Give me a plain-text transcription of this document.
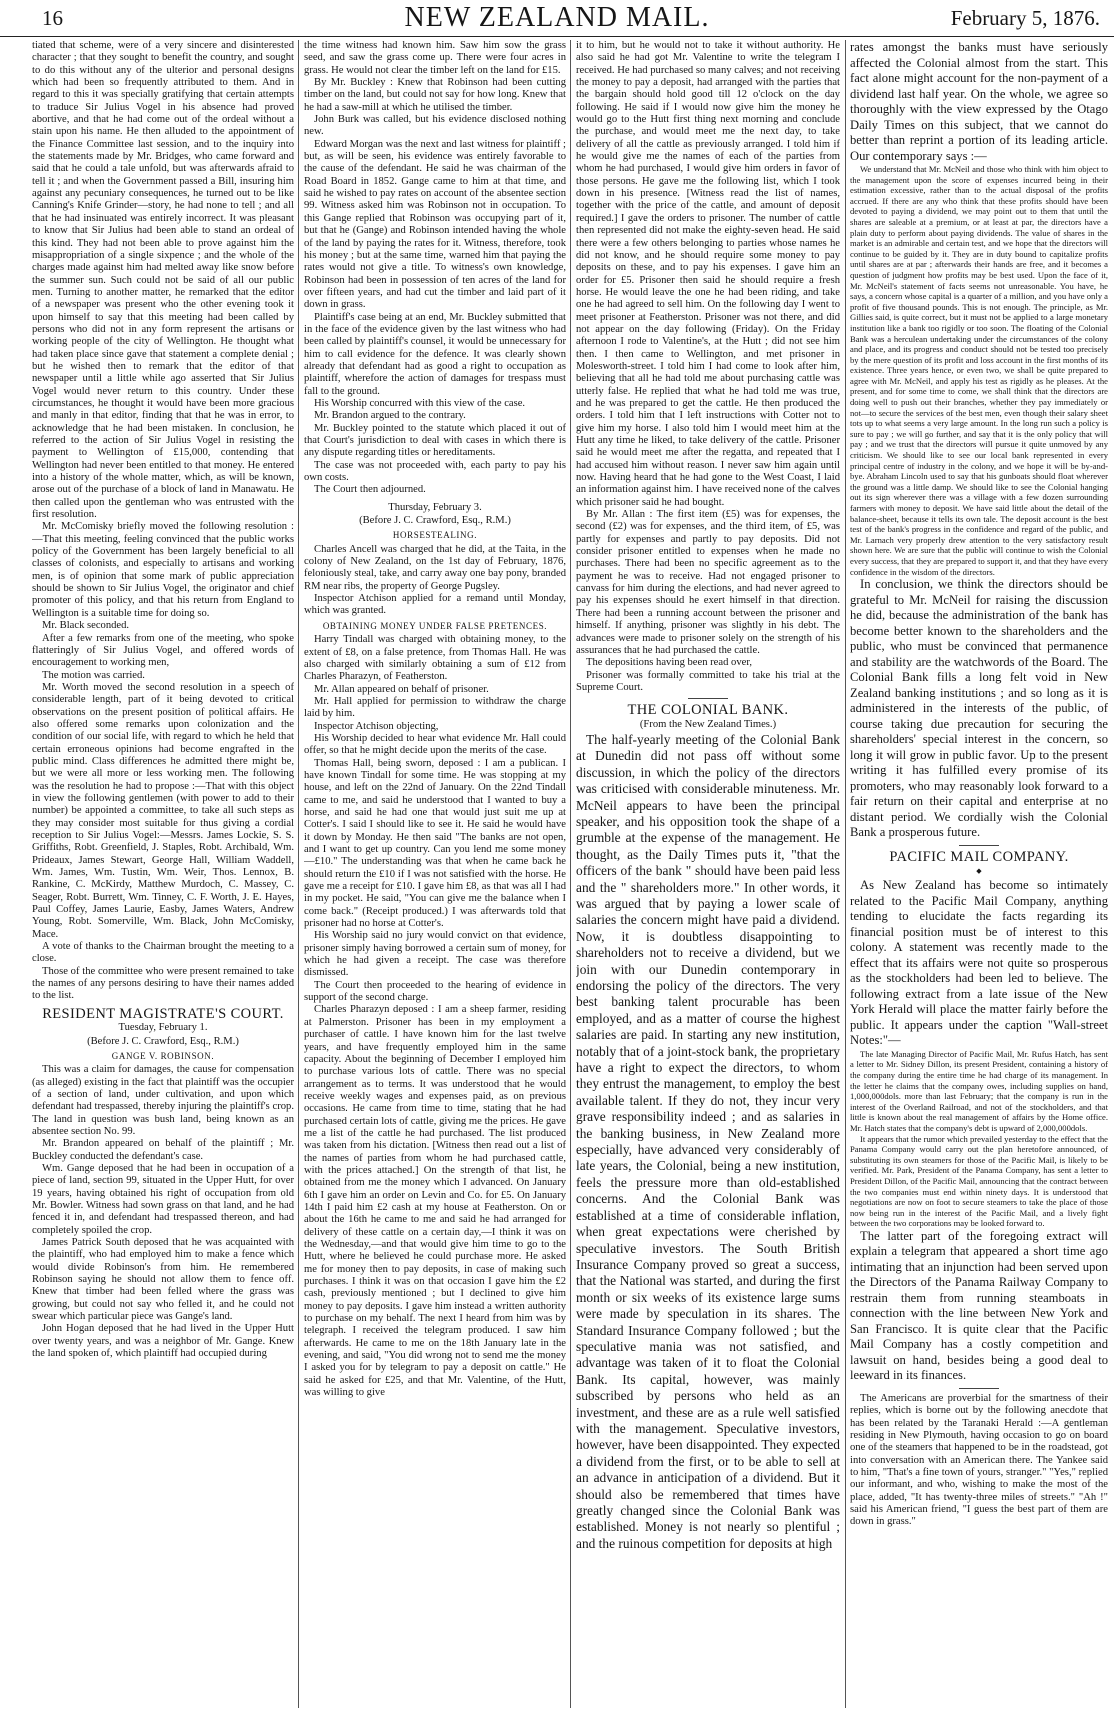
16	NEW ZEALAND MAIL.	February 5, 1876.

tiated that scheme, were of a very sincere and disinterested character ; that they sought to benefit the country, and sought to do this without any of the ulterior and personal designs which had been so frequently attributed to them. And in regard to this it was specially gratifying that certain attempts to traduce Sir Julius Vogel in his absence had proved abortive, and that he had come out of the ordeal without a stain upon his name. He then alluded to the appointment of the Finance Committee last session, and to the inquiry into the statements made by Mr. Bridges, who came forward and said that he could a tale unfold, but was afterwards afraid to tell it ; and when the Government passed a Bill, insuring him against any pecuniary consequences, he turned out to be like Canning's Knife Grinder—story, he had none to tell ; and all that he had insinuated was entirely incorrect. It was pleasant to know that Sir Julius had been able to stand an ordeal of this kind. They had not been able to prove against him the misappropriation of a single sixpence ; and the whole of the charges made against him had melted away like snow before the summer sun. Such could not be said of all our public men. Turning to another matter, he remarked that the editor of a newspaper was present who the other evening took it upon himself to say that this meeting had been called by persons who did not in any form represent the artisans or working people of the city of Wellington. He thought what had taken place since gave that statement a complete denial ; but he wished then to remark that the editor of that newspaper until a little while ago asserted that Sir Julius Vogel would never return to this country. Under these circumstances, he thought it would have been more gracious and manly in that editor, finding that that he was in error, to acknowledge that he had been mistaken. In conclusion, he referred to the action of Sir Julius Vogel in resisting the payment to Wellington of £15,000, contending that Wellington had never been entitled to that money. He entered into a history of the whole matter, which, as will be known, arose out of the purchase of a block of land in Manawatu. He then called upon the gentleman who was entrusted with the first resolution.

Mr. McComisky briefly moved the following resolution :—That this meeting, feeling convinced that the public works policy of the Government has been largely beneficial to all classes of colonists, and especially to artisans and working men, is of opinion that some mark of public appreciation should be shown to Sir Julius Vogel, the originator and chief promoter of this policy, and that his return from England to Wellington is a suitable time for doing so.

Mr. Black seconded.

After a few remarks from one of the meeting, who spoke flatteringly of Sir Julius Vogel, and offered words of encouragement to working men,

The motion was carried.

Mr. Worth moved the second resolution in a speech of considerable length, part of it being devoted to critical observations on the present position of political affairs. He also offered some remarks upon colonization and the condition of our social life, with regard to which he held that certain erroneous opinions had become engrafted in the public mind. Class differences he admitted there might be, but we were all more or less working men. The following was the resolution he had to propose :—That with this object in view the following gentlemen (with power to add to their number) be appointed a committee, to take all such steps as they may consider most suitable for thus giving a cordial reception to Sir Julius Vogel:—Messrs. James Lockie, S. S. Griffiths, Robt. Greenfield, J. Staples, Robt. Archibald, Wm. Prideaux, James Stewart, George Hall, William Waddell, Wm. James, Wm. Tustin, Wm. Weir, Thos. Lennox, B. Rankine, C. McKirdy, Matthew Murdoch, C. Massey, C. Seager, Robt. Burrett, Wm. Tinney, C. F. Worth, J. E. Hayes, Paul Coffey, James Laurie, Easby, James Waters, Andrew Young, Robt. Somerville, Wm. Black, John McComisky, Mace.

A vote of thanks to the Chairman brought the meeting to a close.

Those of the committee who were present remained to take the names of any persons desiring to have their names added to the list.

RESIDENT MAGISTRATE'S COURT.

Tuesday, February 1.

(Before J. C. Crawford, Esq., R.M.)

GANGE V. ROBINSON.

This was a claim for damages, the cause for compensation (as alleged) existing in the fact that plaintiff was the occupier of a section of land, under cultivation, and upon which defendant had trespassed, thereby injuring the plaintiff's crop. The land in question was bush land, being known as an absentee section No. 99.

Mr. Brandon appeared on behalf of the plaintiff ; Mr. Buckley conducted the defendant's case.

Wm. Gange deposed that he had been in occupation of a piece of land, section 99, situated in the Upper Hutt, for over 19 years, having obtained his right of occupation from old Mr. Bowler. Witness had sown grass on that land, and he had fenced it in, and defendant had trespassed thereon, and had completely spoiled the crop.

James Patrick South deposed that he was acquainted with the plaintiff, who had employed him to make a fence which would divide Robinson's from him. He remembered Robinson saying he should not allow them to fence off. Knew that timber had been felled where the grass was growing, but could not say who felled it, and he could not swear which particular piece was Gange's land.

John Hogan deposed that he had lived in the Upper Hutt over twenty years, and was a neighbor of Mr. Gange. Knew the land spoken of, which plaintiff had occupied during

the time witness had known him. Saw him sow the grass seed, and saw the grass come up. There were four acres in grass. He would not clear the timber left on the land for £15.

By Mr. Buckley : Knew that Robinson had been cutting timber on the land, but could not say for how long. Knew that he had a saw-mill at which he utilised the timber.

John Burk was called, but his evidence disclosed nothing new.

Edward Morgan was the next and last witness for plaintiff ; but, as will be seen, his evidence was entirely favorable to the cause of the defendant. He said he was chairman of the Road Board in 1852. Gange came to him at that time, and said he wished to pay rates on account of the absentee section 99. Witness asked him was Robinson not in occupation. To this Gange replied that Robinson was occupying part of it, but that he (Gange) and Robinson intended having the whole of the land by paying the rates for it. Witness, therefore, took his money ; but at the same time, warned him that paying the rates would not give a title. To witness's own knowledge, Robinson had been in possession of ten acres of the land for over fifteen years, and had cut the timber and laid part of it down in grass.

Plaintiff's case being at an end, Mr. Buckley submitted that in the face of the evidence given by the last witness who had been called by plaintiff's counsel, it would be unnecessary for him to call evidence for the defence. It was clearly shown already that defendant had as good a right to occupation as plaintiff, wherefore the action of damages for trespass must fall to the ground.

His Worship concurred with this view of the case.

Mr. Brandon argued to the contrary.

Mr. Buckley pointed to the statute which placed it out of that Court's jurisdiction to deal with cases in which there is any dispute regarding titles or hereditaments.

The case was not proceeded with, each party to pay his own costs.

The Court then adjourned.

Thursday, February 3.

(Before J. C. Crawford, Esq., R.M.)

HORSESTEALING.

Charles Ancell was charged that he did, at the Taita, in the colony of New Zealand, on the 1st day of February, 1876, feloniously steal, take, and carry away one bay pony, branded RM near ribs, the property of George Pugsley.

Inspector Atchison applied for a remand until Monday, which was granted.

OBTAINING MONEY UNDER FALSE PRETENCES.

Harry Tindall was charged with obtaining money, to the extent of £8, on a false pretence, from Thomas Hall. He was also charged with similarly obtaining a sum of £12 from Charles Pharazyn, of Featherston.

Mr. Allan appeared on behalf of prisoner.

Mr. Hall applied for permission to withdraw the charge laid by him.

Inspector Atchison objecting,

His Worship decided to hear what evidence Mr. Hall could offer, so that he might decide upon the merits of the case.

Thomas Hall, being sworn, deposed : I am a publican. I have known Tindall for some time. He was stopping at my house, and left on the 22nd of January. On the 22nd Tindall came to me, and said he understood that I wanted to buy a horse, and said he had one that would just suit me up at Cotter's. I said I should like to see it. He said he would have it down by Monday. He then said "The banks are not open, and I want to get up country. Can you lend me some money—£10." The understanding was that when he came back he should return the £10 if I was not satisfied with the horse. He gave me a receipt for £10. I gave him £8, as that was all I had in my pocket. He said, "You can give me the balance when I come back." (Receipt produced.) I was afterwards told that prisoner had no horse at Cotter's.

His Worship said no jury would convict on that evidence, prisoner simply having borrowed a certain sum of money, for which he had given a receipt. The case was therefore dismissed.

The Court then proceeded to the hearing of evidence in support of the second charge.

Charles Pharazyn deposed : I am a sheep farmer, residing at Palmerston. Prisoner has been in my employment a purchaser of cattle. I have known him for the last twelve years, and have frequently employed him in the same capacity. About the beginning of December I employed him to purchase various lots of cattle. There was no special arrangement as to terms. It was understood that he would receive weekly wages and expenses paid, as on previous occasions. He came from time to time, stating that he had purchased certain lots of cattle, giving me the prices. He gave me a list of the cattle he had purchased. The list produced was taken from his dictation. [Witness then read out a list of the names of parties from whom he had purchased cattle, with the prices attached.] On the strength of that list, he obtained from me the money which I advanced. On January 6th I gave him an order on Levin and Co. for £5. On January 14th I paid him £2 cash at my house at Featherston. On or about the 16th he came to me and said he had arranged for delivery of these cattle on a certain day,—I think it was on the Wednesday,—and that would give him time to go to the Hutt, where he believed he could purchase more. He asked me for money then to pay deposits, in case of making such purchases. I think it was on that occasion I gave him the £2 cash, previously mentioned ; but I declined to give him money to pay deposits. I gave him instead a written authority to purchase on my behalf. The next I heard from him was by telegraph. I received the telegram produced. I saw him afterwards. He came to me on the 18th January late in the evening, and said, "You did wrong not to send me the money I asked you for by telegram to pay a deposit on cattle." He said he asked for £25, and that Mr. Valentine, of the Hutt, was willing to give

it to him, but he would not to take it without authority. He also said he had got Mr. Valentine to write the telegram I received. He had purchased so many calves; and not receiving the money to pay a deposit, had arranged with the parties that the bargain should hold good till 12 o'clock on the day following. He said if I would now give him the money he would go to the Hutt first thing next morning and conclude the purchase, and would meet me the next day, to take delivery of all the cattle as previously arranged. I told him if he would give me the names of each of the parties from whom he had purchased, I would give him orders in favor of those persons. He gave me the following list, which I took down in his presence. [Witness read the list of names, together with the price of the cattle, and amount of deposit required.] I gave the orders to prisoner. The number of cattle then represented did not make the eighty-seven head. He said there were a few others belonging to parties whose names he did not know, and he should require some money to pay deposits on these, and to pay his expenses. I gave him an order for £5. Prisoner then said he should require a fresh horse. He would leave the one he had been riding, and take one he had agreed to sell him. On the following day I went to meet prisoner at Featherston. Prisoner was not there, and did not appear on the day following (Friday). On the Friday afternoon I rode to Valentine's, at the Hutt ; did not see him then. I then came to Wellington, and met prisoner in Molesworth-street. I told him I had come to look after him, believing that all he had told me about purchasing cattle was utterly false. He replied that what he had told me was true, and he was prepared to get the cattle. He then produced the orders. I told him that I left instructions with Cotter not to give him my horse. I also told him I would meet him at the Hutt any time he liked, to take delivery of the cattle. Prisoner said he would meet me after the regatta, and repeated that I had accused him without reason. I never saw him again until now. Having heard that he had gone to the West Coast, I laid an information against him. I have received none of the calves which prisoner said he had bought.

By Mr. Allan : The first item (£5) was for expenses, the second (£2) was for expenses, and the third item, of £5, was partly for expenses and partly to pay deposits. Did not consider prisoner entitled to expenses when he made no purchases. There had been no specific agreement as to the payment he was to receive. Had not engaged prisoner to canvass for him during the elections, and had never agreed to pay his expenses should he exert himself in that direction. There had been a running account between the prisoner and himself. If anything, prisoner was slightly in his debt. The advances were made to prisoner solely on the strength of his assurances that he had purchased the cattle.

The depositions having been read over,

Prisoner was formally committed to take his trial at the Supreme Court.

THE COLONIAL BANK.

(From the New Zealand Times.)

The half-yearly meeting of the Colonial Bank at Dunedin did not pass off without some discussion, in which the policy of the directors was criticised with considerable minuteness. Mr. McNeil appears to have been the principal speaker, and his opposition took the shape of a grumble at the expense of the management. He thought, as the Daily Times puts it, "that the officers of the bank " should have been paid less and the " shareholders more." In other words, it was argued that by paying a lower scale of salaries the concern might have paid a dividend. Now, it is doubtless disappointing to shareholders not to receive a dividend, but we join with our Dunedin contemporary in endorsing the policy of the directors. The very best banking talent procurable has been employed, and as a matter of course the highest salaries are paid. In starting any new institution, notably that of a joint-stock bank, the proprietary have a right to expect the directors, to whom they entrust the management, to employ the best available talent. If they do not, they incur very grave responsibility indeed ; and as salaries in the banking business, in New Zealand more especially, have advanced very considerably of late years, the Colonial, being a new institution, feels the pressure more than old-established concerns. And the Colonial Bank was established at a time of considerable inflation, when great expectations were cherished by speculative investors. The South British Insurance Company proved so great a success, that the National was started, and during the first month or six weeks of its existence large sums were made by speculation in its shares. The Standard Insurance Company followed ; but the speculative mania was not satisfied, and advantage was taken of it to float the Colonial Bank. Its capital, however, was mainly subscribed by persons who held as an investment, and these are as a rule well satisfied with the management. Speculative investors, however, have been disappointed. They expected a dividend from the first, or to be able to sell at an advance in anticipation of a dividend. But it should also be remembered that times have greatly changed since the Colonial Bank was established. Money is not nearly so plentiful ; and the ruinous competition for deposits at high

rates amongst the banks must have seriously affected the Colonial almost from the start. This fact alone might account for the non-payment of a dividend last half year. On the whole, we agree so thoroughly with the view expressed by the Otago Daily Times on this subject, that we cannot do better than reprint a portion of its leading article. Our contemporary says :—

We understand that Mr. McNeil and those who think with him object to the management upon the score of expenses incurred being in their estimation excessive, rather than to the actual disposal of the profits accrued. If there are any who think that these profits should have been devoted to paying a dividend, we may point out to them that until the shares are saleable at a premium, or at least at par, the directors have a plain duty to perform about paying dividends. The value of shares in the market is an admirable and certain test, and we hope that the directors will continue to be guided by it. They are in duty bound to capitalize profits until shares are at par ; afterwards their hands are free, and it becomes a question of judgment how profits may be best used. Upon the face of it, Mr. McNeil's statement of facts seems not unreasonable. You have, he says, a concern whose capital is a quarter of a million, and you have only a profit of five thousand pounds. This is not enough. The principle, as Mr. Gillies said, is quite correct, but it must not be applied to a large monetary institution like a bank too rigidly or too soon. The floating of the Colonial Bank was a herculean undertaking under the circumstances of the colony and place, and its progress and conduct should not be tested too precisely by the mere question of its profit and loss account in the first months of its existence. Three years hence, or even two, we shall be quite prepared to agree with Mr. McNeil, and apply his test as rigidly as he pleases. At the present, and for some time to come, we shall think that the directors are doing well to push out their branches, whether they pay immediately or not—to secure the services of the best men, even though their salary sheet tots up to what seems a very large amount. In the long run such a policy is sure to pay ; we will go further, and say that it is the only policy that will pay ; and we trust that the directors will pursue it quite unmoved by any criticism. We should like to see our local bank represented in every principal centre of industry in the colony, and we hope it will be by-and-bye. Abraham Lincoln used to say that his gunboats should float wherever the ground was a little damp. We should like to see the Colonial hanging out its sign wherever there was a village with a few dozen surrounding farmers with money to deposit. We have said little about the detail of the balance-sheet, because it tells its own tale. The deposit account is the best test of the bank's progress in the confidence and regard of the public, and Mr. Larnach very properly drew attention to the very satisfactory result shown here. We are sure that the public will continue to wish the Colonial every success, that they are prepared to support it, and that they have every confidence in the wisdom of the directors.

In conclusion, we think the directors should be grateful to Mr. McNeil for raising the discussion he did, because the administration of the bank has become better known to the shareholders and the public, who must be convinced that permanence and stability are the watchwords of the Board. The Colonial Bank fills a long felt void in New Zealand banking institutions ; and so long as it is administered in the interests of the public, of course taking due precaution for securing the shareholders' special interest in the concern, so long it will grow in public favor. Up to the present writing it has fulfilled every promise of its promoters, who may reasonably look forward to a fair return on their capital and enterprise at no distant period. We cordially wish the Colonial Bank a prosperous future.

PACIFIC MAIL COMPANY.
◆

As New Zealand has become so intimately related to the Pacific Mail Company, anything tending to elucidate the facts regarding its financial position must be of interest to this colony. A statement was recently made to the effect that its affairs were not quite so prosperous as the stockholders had been led to believe. The following extract from a late issue of the New York Herald will place the matter fairly before the public. It appears under the caption "Wall-street Notes:"—

The late Managing Director of Pacific Mail, Mr. Rufus Hatch, has sent a letter to Mr. Sidney Dillon, its present President, containing a history of the company during the entire time he had charge of its management. In the letter he claims that the company owes, including supplies on hand, 1,000,000dols. more than last February; that the company is run in the interest of the Overland Railroad, and not of the stockholders, and that little is known about the real management of affairs by the Home office. Mr. Hatch states that the company's debt is upward of 2,000,000dols.

It appears that the rumor which prevailed yesterday to the effect that the Panama Company would carry out the plan heretofore announced, of substituting its own steamers for those of the Pacific Mail, is likely to be verified. Mr. Park, President of the Panama Company, has sent a letter to President Dillon, of the Pacific Mail, announcing that the contract between the two companies must end within ninety days. It is understood that negotiations are now on foot to secure steamers to take the place of those now being run in the interest of the Pacific Mail, and a lively fight between the two corporations may be looked forward to.

The latter part of the foregoing extract will explain a telegram that appeared a short time ago intimating that an injunction had been served upon the Directors of the Panama Railway Company to restrain them from running steamboats in connection with the line between New York and San Francisco. It is quite clear that the Pacific Mail Company has a costly competition and lawsuit on hand, besides being a good deal to leeward in its finances.

The Americans are proverbial for the smartness of their replies, which is borne out by the following anecdote that has been related by the Taranaki Herald :—A gentleman residing in New Plymouth, having occasion to go on board one of the steamers that happened to be in the roadstead, got into conversation with an American there. The Yankee said to him, "That's a fine town of yours, stranger." "Yes," replied our informant, and who, wishing to make the most of the place, added, "It has twenty-three miles of streets." "Ah !" said his American friend, "I guess the best part of them are down in grass."
